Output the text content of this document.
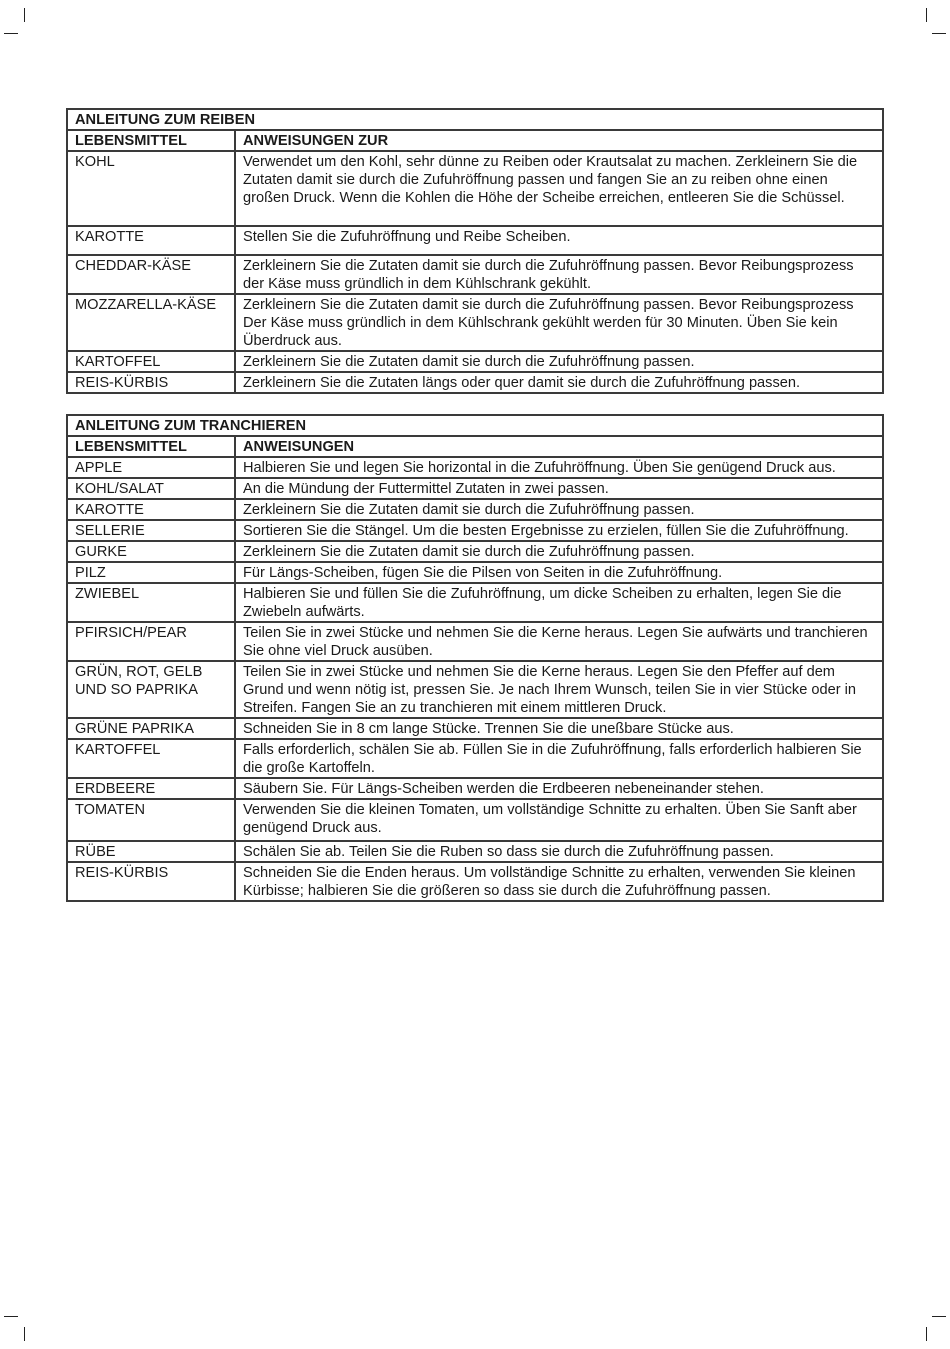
ANLEITUNG ZUM REIBEN	
LEBENSMITTEL	ANWEISUNGEN ZUR
KOHL	Verwendet um den Kohl, sehr dünne zu Reiben oder Krautsalat zu machen. Zerkleinern Sie die Zutaten damit sie durch die Zufuhröffnung passen und fangen Sie an zu reiben ohne einen großen Druck. Wenn die Kohlen die Höhe der Scheibe erreichen, entleeren Sie die Schüssel.
KAROTTE	Stellen Sie die Zufuhröffnung und Reibe Scheiben.
CHEDDAR-KÄSE	Zerkleinern Sie die Zutaten damit sie durch die Zufuhröffnung passen. Bevor Reibungsprozess der Käse muss gründlich in dem Kühlschrank gekühlt.
MOZZARELLA-KÄSE	Zerkleinern Sie die Zutaten damit sie durch die Zufuhröffnung passen. Bevor Reibungsprozess Der Käse muss gründlich in dem Kühlschrank gekühlt werden für 30 Minuten. Üben Sie kein Überdruck aus.
KARTOFFEL	Zerkleinern Sie die Zutaten damit sie durch die Zufuhröffnung passen.
REIS-KÜRBIS	Zerkleinern Sie die Zutaten längs oder quer damit sie durch die Zufuhröffnung passen.
ANLEITUNG ZUM TRANCHIEREN	
LEBENSMITTEL	ANWEISUNGEN
APPLE	Halbieren Sie und legen Sie horizontal in die Zufuhröffnung. Üben Sie genügend Druck aus.
KOHL/SALAT	An die Mündung der Futtermittel Zutaten in zwei passen.
KAROTTE	Zerkleinern Sie die Zutaten damit sie durch die Zufuhröffnung passen.
SELLERIE	Sortieren Sie die Stängel. Um die besten Ergebnisse zu erzielen, füllen Sie die Zufuhröffnung.
GURKE	Zerkleinern Sie die Zutaten damit sie durch die Zufuhröffnung passen.
PILZ	Für Längs-Scheiben, fügen Sie die Pilsen von Seiten in die Zufuhröffnung.
ZWIEBEL	Halbieren Sie und füllen Sie die Zufuhröffnung, um dicke Scheiben zu erhalten, legen Sie die Zwiebeln aufwärts.
PFIRSICH/PEAR	Teilen Sie in zwei Stücke und nehmen Sie die Kerne heraus. Legen Sie aufwärts und tranchieren Sie ohne viel Druck ausüben.
GRÜN, ROT, GELB UND SO PAPRIKA	Teilen Sie in zwei Stücke und nehmen Sie die Kerne heraus. Legen Sie den Pfeffer auf dem Grund und wenn nötig ist, pressen Sie. Je nach Ihrem Wunsch, teilen Sie in vier Stücke oder in Streifen. Fangen Sie an zu tranchieren mit einem mittleren Druck.
GRÜNE PAPRIKA	Schneiden Sie in 8 cm lange Stücke. Trennen Sie die uneßbare Stücke aus.
KARTOFFEL	Falls erforderlich, schälen Sie ab. Füllen Sie in die Zufuhröffnung, falls erforderlich halbieren Sie die große Kartoffeln.
ERDBEERE	Säubern Sie. Für Längs-Scheiben werden die Erdbeeren nebeneinander stehen.
TOMATEN	Verwenden Sie die kleinen Tomaten, um vollständige Schnitte zu erhalten. Üben Sie Sanft aber genügend Druck aus.
RÜBE	Schälen Sie ab. Teilen Sie die Ruben so dass sie durch die Zufuhröffnung passen.
REIS-KÜRBIS	Schneiden Sie die Enden heraus. Um vollständige Schnitte zu erhalten, verwenden Sie kleinen Kürbisse; halbieren Sie die größeren so dass sie durch die Zufuhröffnung passen.
